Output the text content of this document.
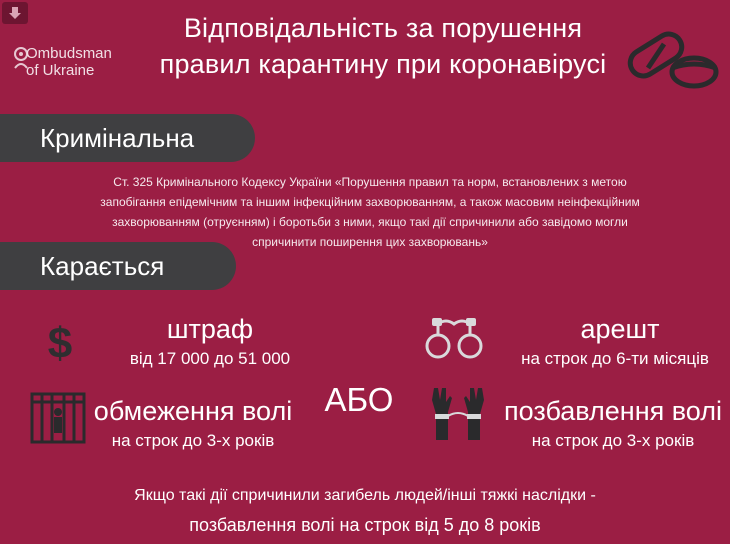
Ombudsman
of Ukraine
Відповідальність за порушення
правил карантину при коронавірусі
Кримінальна
Ст. 325 Кримінального Кодексу України «Порушення правил та норм, встановлених з метою запобігання епідемічним та іншим інфекційним захворюванням, а також масовим неінфекційним захворюванням (отруєнням) і боротьби з ними, якщо такі дії спричинили або завідомо могли спричинити поширення цих захворювань»
Карається
$	штраф
від 17 000 до 51 000
арешт
на строк до 6-ти місяців
АБО
обмеження волі
на строк до 3-х років
позбавлення волі
на строк до 3-х років
Якщо такі дії спричинили загибель людей/інші тяжкі наслідки -
позбавлення волі на строк від 5 до 8 років
